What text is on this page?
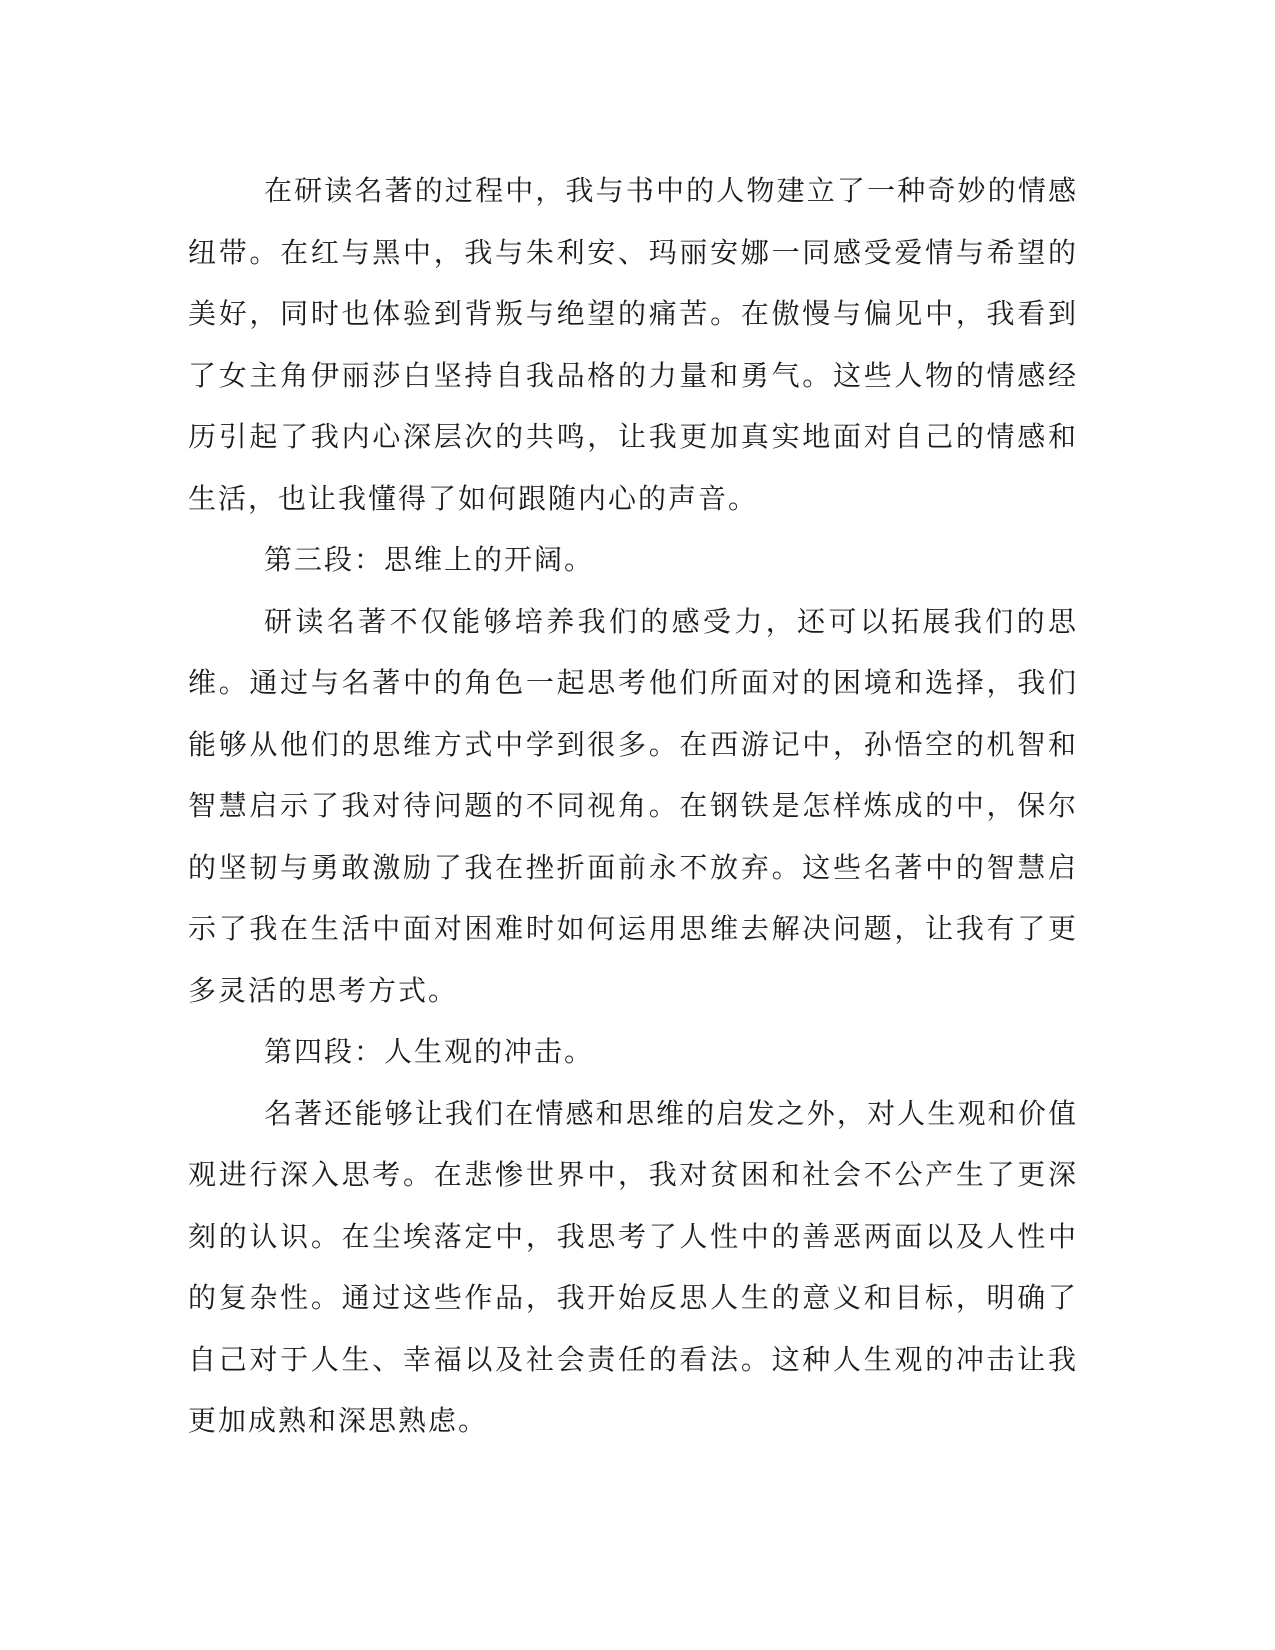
在研读名著的过程中，我与书中的人物建立了一种奇妙的情感纽带。在红与黑中，我与朱利安、玛丽安娜一同感受爱情与希望的美好，同时也体验到背叛与绝望的痛苦。在傲慢与偏见中，我看到了女主角伊丽莎白坚持自我品格的力量和勇气。这些人物的情感经历引起了我内心深层次的共鸣，让我更加真实地面对自己的情感和生活，也让我懂得了如何跟随内心的声音。

第三段：思维上的开阔。

研读名著不仅能够培养我们的感受力，还可以拓展我们的思维。通过与名著中的角色一起思考他们所面对的困境和选择，我们能够从他们的思维方式中学到很多。在西游记中，孙悟空的机智和智慧启示了我对待问题的不同视角。在钢铁是怎样炼成的中，保尔的坚韧与勇敢激励了我在挫折面前永不放弃。这些名著中的智慧启示了我在生活中面对困难时如何运用思维去解决问题，让我有了更多灵活的思考方式。

第四段：人生观的冲击。

名著还能够让我们在情感和思维的启发之外，对人生观和价值观进行深入思考。在悲惨世界中，我对贫困和社会不公产生了更深刻的认识。在尘埃落定中，我思考了人性中的善恶两面以及人性中的复杂性。通过这些作品，我开始反思人生的意义和目标，明确了自己对于人生、幸福以及社会责任的看法。这种人生观的冲击让我更加成熟和深思熟虑。
